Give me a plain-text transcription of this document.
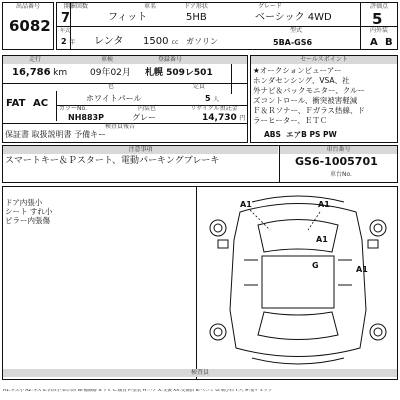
出品番号
6082
開催回数	車名	ドア形状	グレード	評価点
7	フィット	5HB	ベーシック 4WD	5
年式
2 年 レンタ 1500 cc ガソリン
型式
5BA-GS6
内外装
A B
走行	車検	登録番号
16,786 km	09年02月 札幌 509レ501
色	定員
FAT AC	ホワイトパール	5 人
カラーNo.	内装色	リサイクル預託金
NH883P	グレー	14,730 円
検査員報告
保証書 取扱説明書 予備キー
セールスポイント
★オークションビューアー
ホンダセンシング、VSA、社
外ナビ＆バックモニター、クルー
ズコントロール、衝突被害軽減
Ｆ＆Ｒソナー、Ｆガラス热線、ド
ラーヒーター、ＥＴＣ
ABS エアB PS PW
注意事項
スマートキー＆Ｐスタート、電動パーキングブレーキ
車台番号
GS6-1005701
車台No.
ドア内張小
シート すれ小
ピラー内張傷
A1	A1
A1
G	A1
検査員
A1:キズ小 A2:キズ E:凹み小 U:凹み W:補修跡 S:サビ C:腐食 P:塗装 H:ハゲ X:交換 XX:交換済 B:ヘコミ G:飛び石 Y:穴 ※:要チェック
